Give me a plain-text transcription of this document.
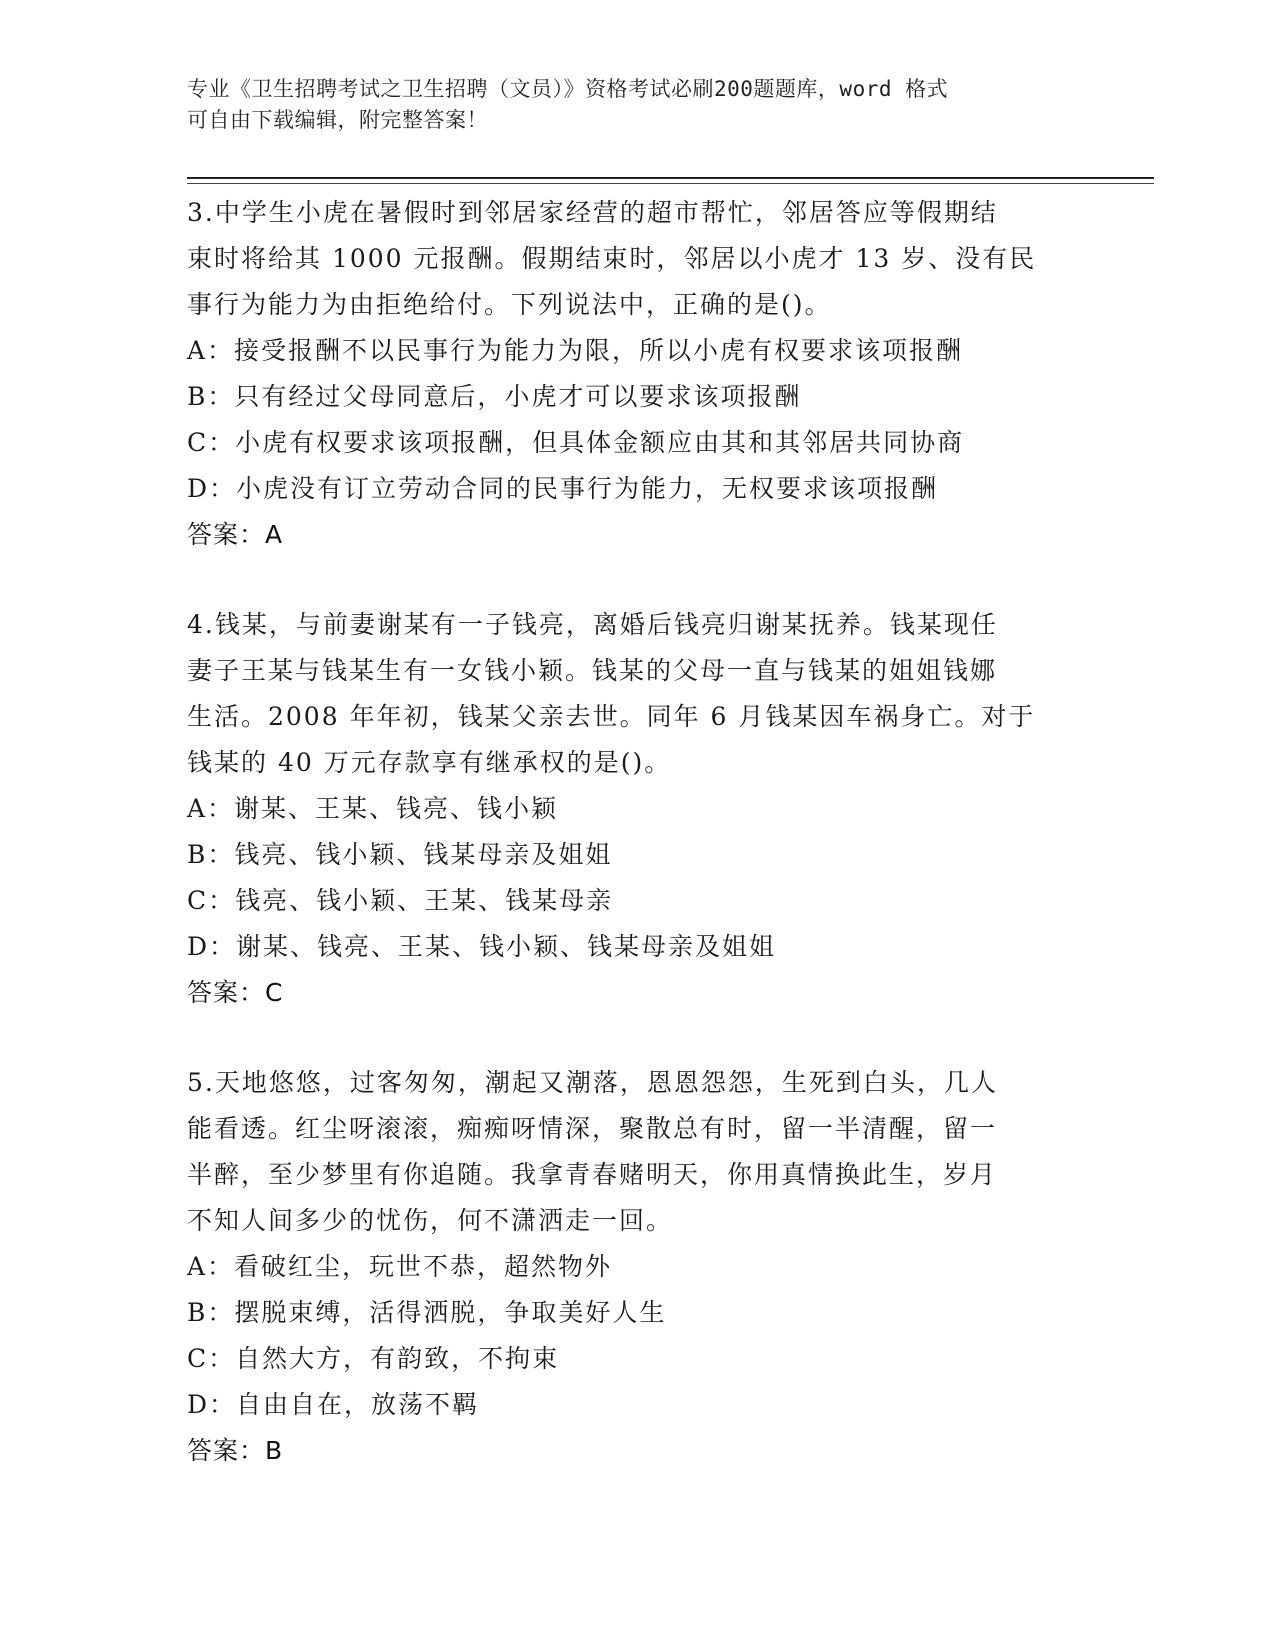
专业《卫生招聘考试之卫生招聘（文员）》资格考试必刷200题题库，word 格式
可自由下载编辑，附完整答案！
3.中学生小虎在暑假时到邻居家经营的超市帮忙，邻居答应等假期结
束时将给其 1000 元报酬。假期结束时，邻居以小虎才 13 岁、没有民
事行为能力为由拒绝给付。下列说法中，正确的是()。
A：接受报酬不以民事行为能力为限，所以小虎有权要求该项报酬
B：只有经过父母同意后，小虎才可以要求该项报酬
C：小虎有权要求该项报酬，但具体金额应由其和其邻居共同协商
D：小虎没有订立劳动合同的民事行为能力，无权要求该项报酬
答案：A
4.钱某，与前妻谢某有一子钱亮，离婚后钱亮归谢某抚养。钱某现任
妻子王某与钱某生有一女钱小颖。钱某的父母一直与钱某的姐姐钱娜
生活。2008 年年初，钱某父亲去世。同年 6 月钱某因车祸身亡。对于
钱某的 40 万元存款享有继承权的是()。
A：谢某、王某、钱亮、钱小颖
B：钱亮、钱小颖、钱某母亲及姐姐
C：钱亮、钱小颖、王某、钱某母亲
D：谢某、钱亮、王某、钱小颖、钱某母亲及姐姐
答案：C
5.天地悠悠，过客匆匆，潮起又潮落，恩恩怨怨，生死到白头，几人
能看透。红尘呀滚滚，痴痴呀情深，聚散总有时，留一半清醒，留一
半醉，至少梦里有你追随。我拿青春赌明天，你用真情换此生，岁月
不知人间多少的忧伤，何不潇洒走一回。
A：看破红尘，玩世不恭，超然物外
B：摆脱束缚，活得洒脱，争取美好人生
C：自然大方，有韵致，不拘束
D：自由自在，放荡不羁
答案：B
